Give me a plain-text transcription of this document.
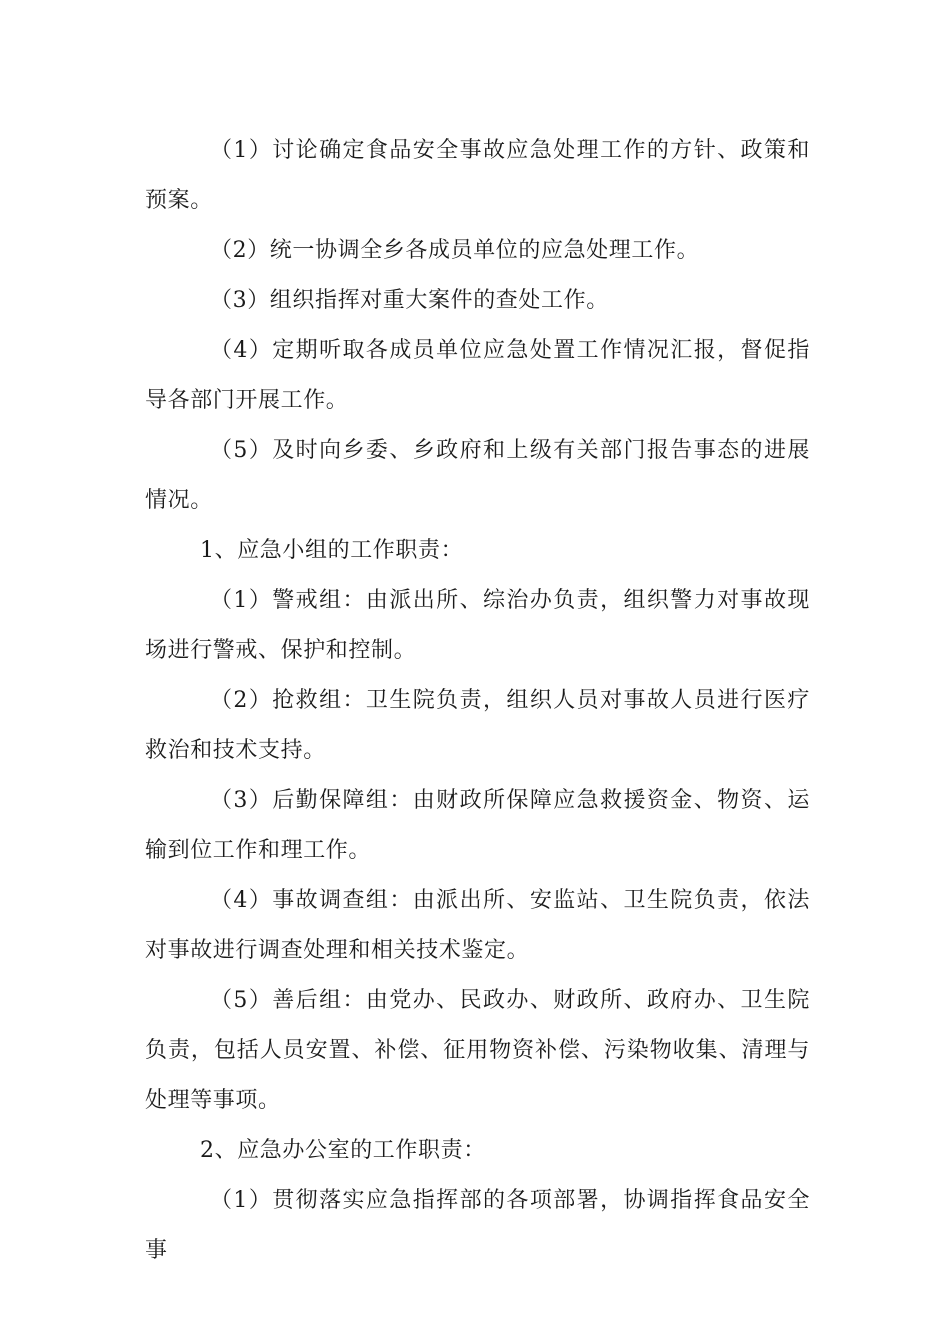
（1）讨论确定食品安全事故应急处理工作的方针、政策和预案。

（2）统一协调全乡各成员单位的应急处理工作。

（3）组织指挥对重大案件的查处工作。

（4）定期听取各成员单位应急处置工作情况汇报，督促指导各部门开展工作。

（5）及时向乡委、乡政府和上级有关部门报告事态的进展情况。

1、应急小组的工作职责：

（1）警戒组：由派出所、综治办负责，组织警力对事故现场进行警戒、保护和控制。

（2）抢救组：卫生院负责，组织人员对事故人员进行医疗救治和技术支持。

（3）后勤保障组：由财政所保障应急救援资金、物资、运输到位工作和理工作。

（4）事故调查组：由派出所、安监站、卫生院负责，依法对事故进行调查处理和相关技术鉴定。

（5）善后组：由党办、民政办、财政所、政府办、卫生院负责，包括人员安置、补偿、征用物资补偿、污染物收集、清理与处理等事项。

2、应急办公室的工作职责：

（1）贯彻落实应急指挥部的各项部署，协调指挥食品安全事
